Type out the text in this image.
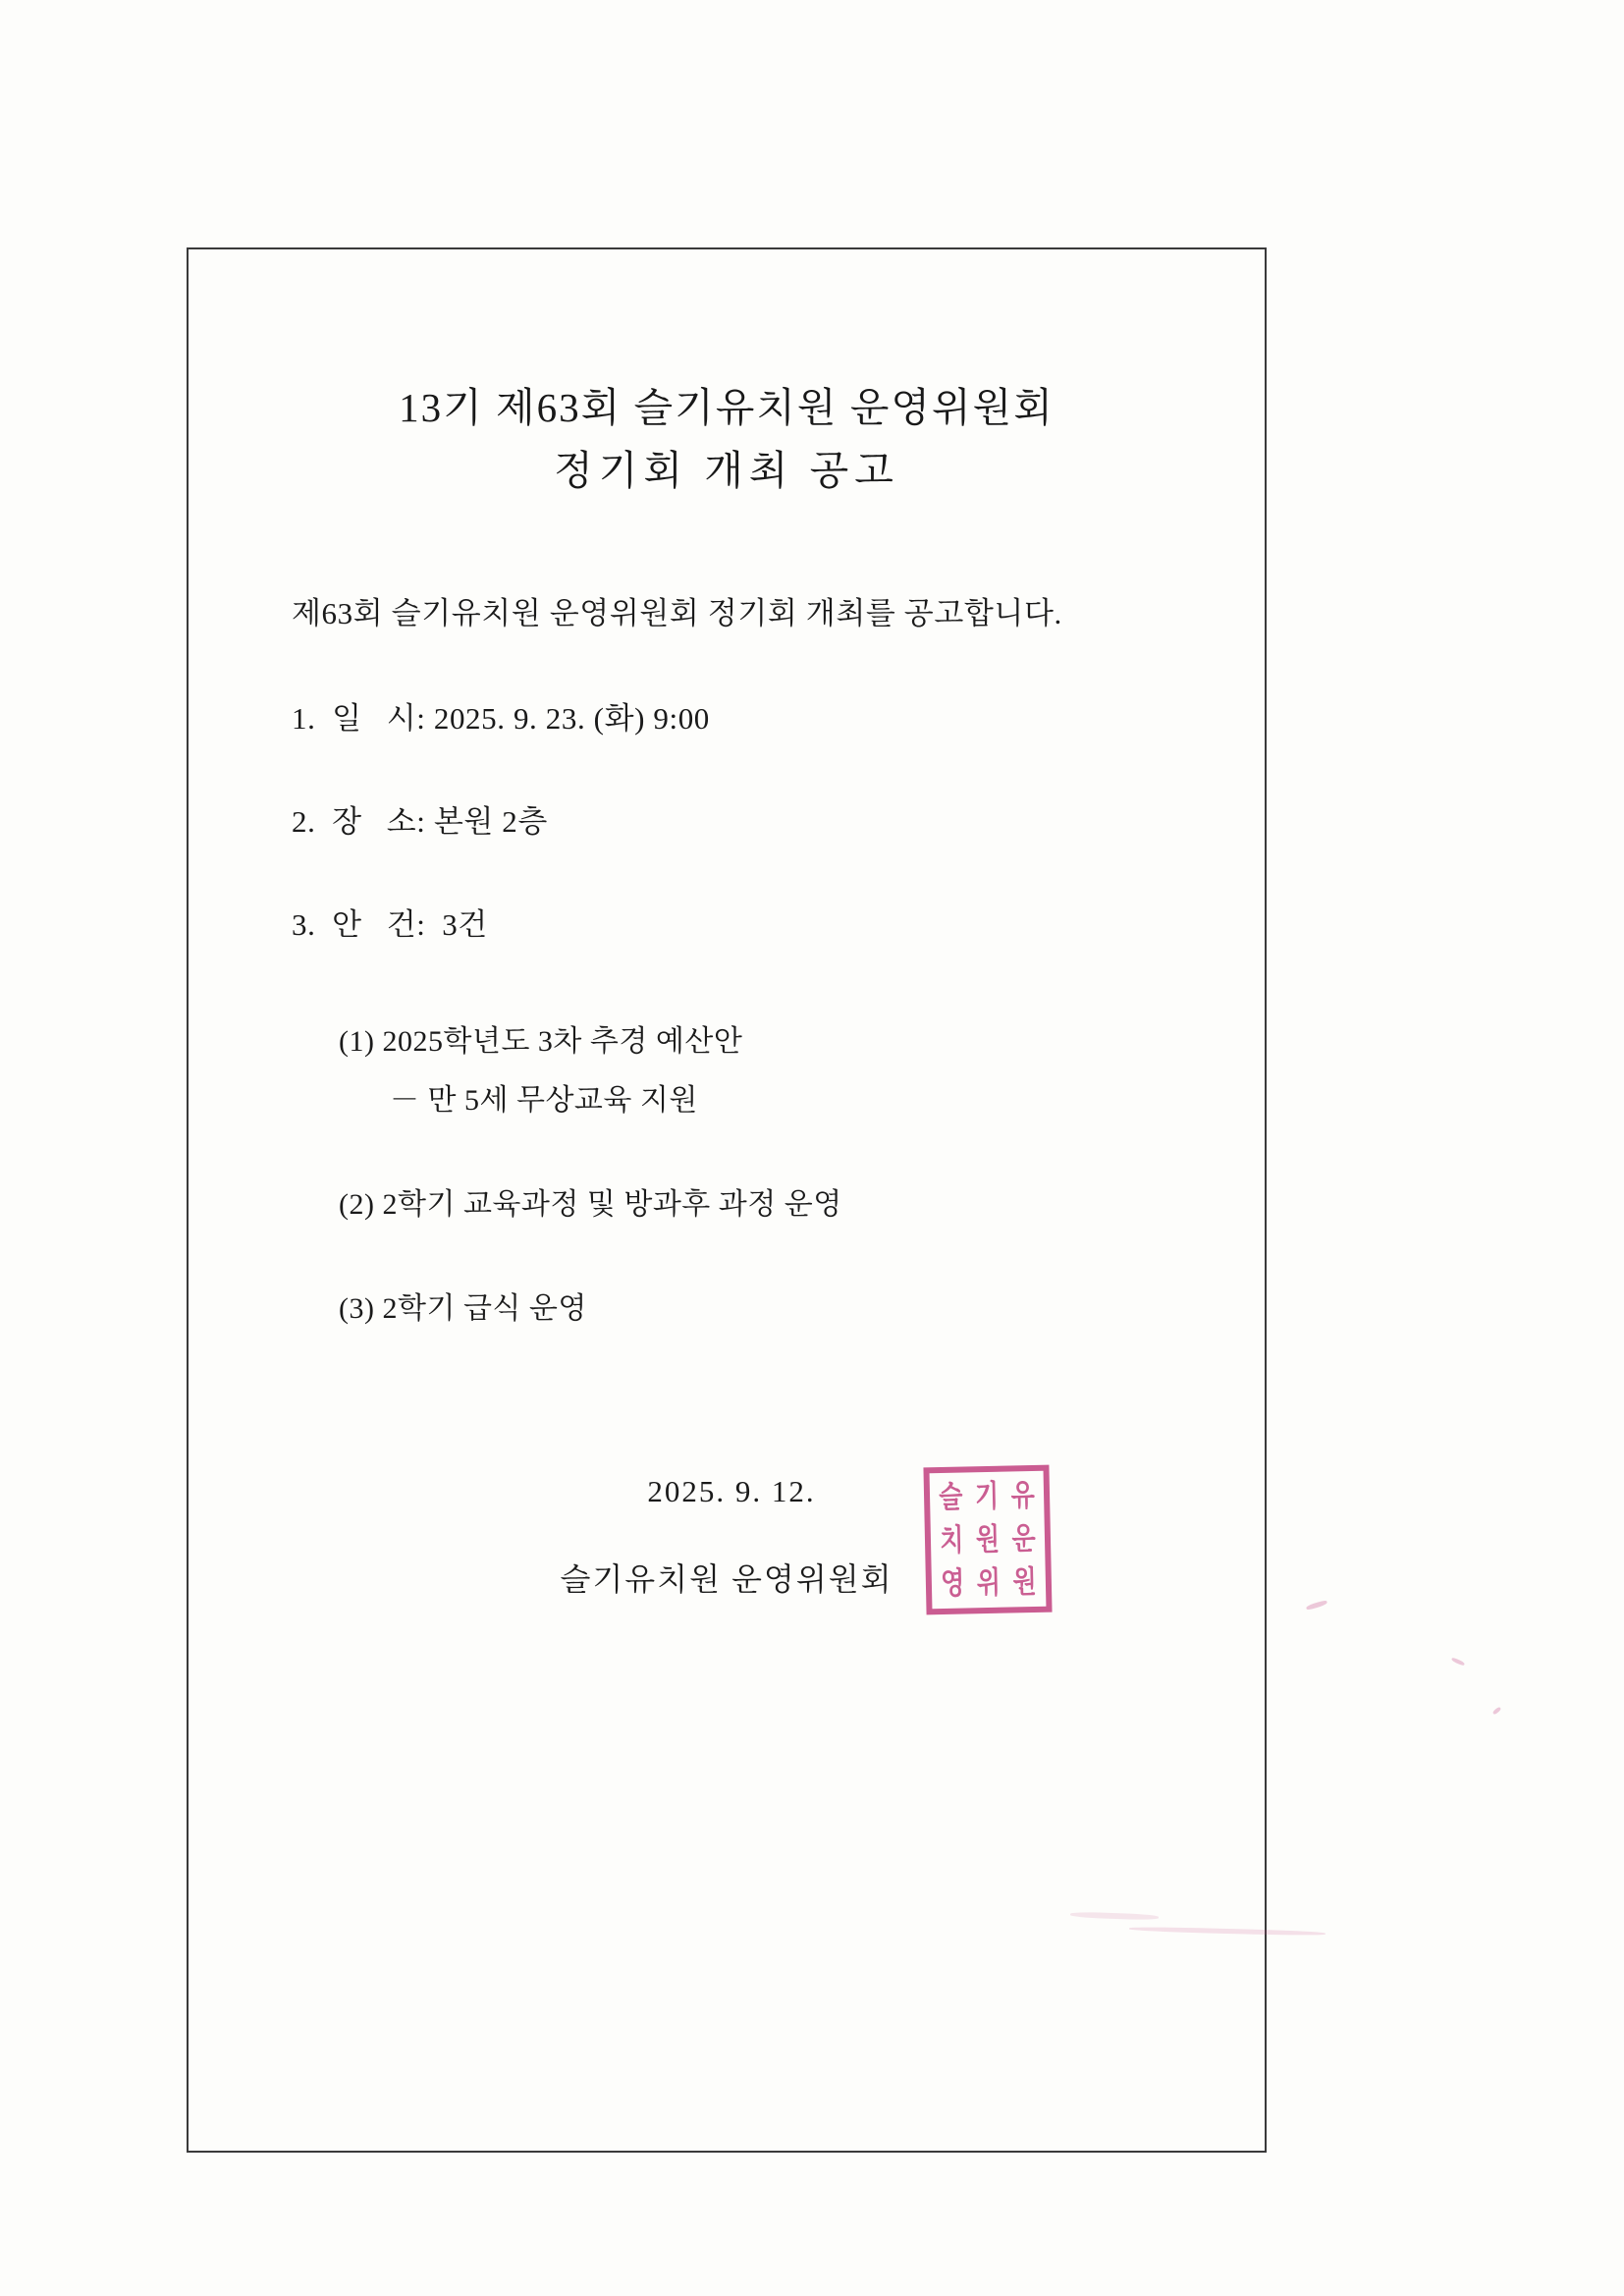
13기 제63회 슬기유치원 운영위원회
정기회 개최 공고

제63회 슬기유치원 운영위원회 정기회 개최를 공고합니다.

1.  일   시: 2025. 9. 23. (화) 9:00

2.  장   소: 본원 2층

3.  안   건:  3건

(1) 2025학년도 3차 추경 예산안
－ 만 5세 무상교육 지원
(2) 2학기 교육과정 및 방과후 과정 운영
(3) 2학기 급식 운영

2025. 9. 12.

슬기유치원 운영위원회

슬 기 유
치 원 운
영 위 원
